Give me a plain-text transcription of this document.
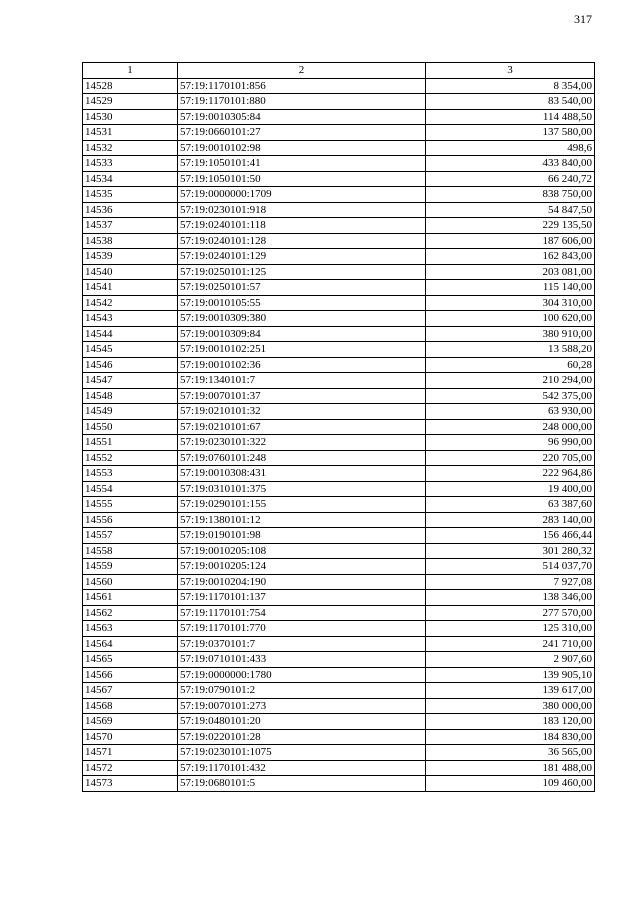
317
1	2	3
14528	57:19:1170101:856	8 354,00
14529	57:19:1170101:880	83 540,00
14530	57:19:0010305:84	114 488,50
14531	57:19:0660101:27	137 580,00
14532	57:19:0010102:98	498,6
14533	57:19:1050101:41	433 840,00
14534	57:19:1050101:50	66 240,72
14535	57:19:0000000:1709	838 750,00
14536	57:19:0230101:918	54 847,50
14537	57:19:0240101:118	229 135,50
14538	57:19:0240101:128	187 606,00
14539	57:19:0240101:129	162 843,00
14540	57:19:0250101:125	203 081,00
14541	57:19:0250101:57	115 140,00
14542	57:19:0010105:55	304 310,00
14543	57:19:0010309:380	100 620,00
14544	57:19:0010309:84	380 910,00
14545	57:19:0010102:251	13 588,20
14546	57:19:0010102:36	60,28
14547	57:19:1340101:7	210 294,00
14548	57:19:0070101:37	542 375,00
14549	57:19:0210101:32	63 930,00
14550	57:19:0210101:67	248 000,00
14551	57:19:0230101:322	96 990,00
14552	57:19:0760101:248	220 705,00
14553	57:19:0010308:431	222 964,86
14554	57:19:0310101:375	19 400,00
14555	57:19:0290101:155	63 387,60
14556	57:19:1380101:12	283 140,00
14557	57:19:0190101:98	156 466,44
14558	57:19:0010205:108	301 280,32
14559	57:19:0010205:124	514 037,70
14560	57:19:0010204:190	7 927,08
14561	57:19:1170101:137	138 346,00
14562	57:19:1170101:754	277 570,00
14563	57:19:1170101:770	125 310,00
14564	57:19:0370101:7	241 710,00
14565	57:19:0710101:433	2 907,60
14566	57:19:0000000:1780	139 905,10
14567	57:19:0790101:2	139 617,00
14568	57:19:0070101:273	380 000,00
14569	57:19:0480101:20	183 120,00
14570	57:19:0220101:28	184 830,00
14571	57:19:0230101:1075	36 565,00
14572	57:19:1170101:432	181 488,00
14573	57:19:0680101:5	109 460,00
